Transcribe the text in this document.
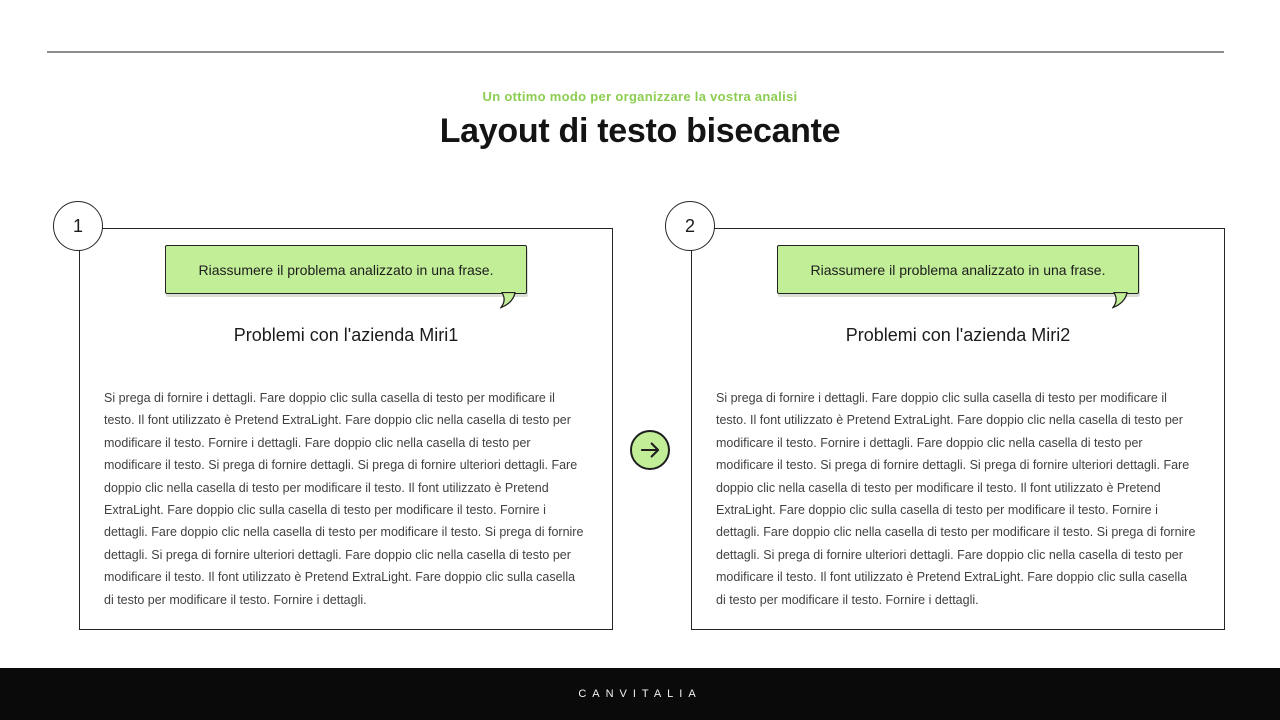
Un ottimo modo per organizzare la vostra analisi
Layout di testo bisecante
1
Riassumere il problema analizzato in una frase.
Problemi con l'azienda Miri1
Si prega di fornire i dettagli. Fare doppio clic sulla casella di testo per modificare il testo. Il font utilizzato è Pretend ExtraLight. Fare doppio clic nella casella di testo per modificare il testo. Fornire i dettagli. Fare doppio clic nella casella di testo per modificare il testo. Si prega di fornire dettagli. Si prega di fornire ulteriori dettagli. Fare doppio clic nella casella di testo per modificare il testo. Il font utilizzato è Pretend ExtraLight. Fare doppio clic sulla casella di testo per modificare il testo. Fornire i dettagli. Fare doppio clic nella casella di testo per modificare il testo. Si prega di fornire dettagli. Si prega di fornire ulteriori dettagli. Fare doppio clic nella casella di testo per modificare il testo. Il font utilizzato è Pretend ExtraLight. Fare doppio clic sulla casella di testo per modificare il testo. Fornire i dettagli.
2
Riassumere il problema analizzato in una frase.
Problemi con l'azienda Miri2
Si prega di fornire i dettagli. Fare doppio clic sulla casella di testo per modificare il testo. Il font utilizzato è Pretend ExtraLight. Fare doppio clic nella casella di testo per modificare il testo. Fornire i dettagli. Fare doppio clic nella casella di testo per modificare il testo. Si prega di fornire dettagli. Si prega di fornire ulteriori dettagli. Fare doppio clic nella casella di testo per modificare il testo. Il font utilizzato è Pretend ExtraLight. Fare doppio clic sulla casella di testo per modificare il testo. Fornire i dettagli. Fare doppio clic nella casella di testo per modificare il testo. Si prega di fornire dettagli. Si prega di fornire ulteriori dettagli. Fare doppio clic nella casella di testo per modificare il testo. Il font utilizzato è Pretend ExtraLight. Fare doppio clic sulla casella di testo per modificare il testo. Fornire i dettagli.
CANVITALIA
